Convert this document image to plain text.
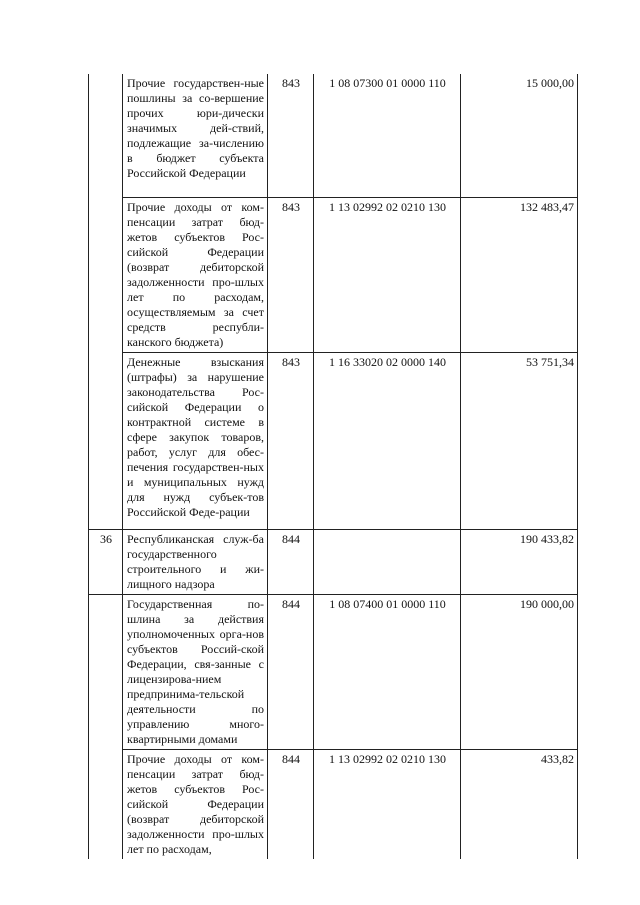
	Прочие государствен-ные пошлины за со-вершение прочих юри-дически значимых дей-ствий, подлежащие за-числению в бюджет субъекта Российской Федерации	843	1 08 07300 01 0000 110	15 000,00
	Прочие доходы от ком-пенсации затрат бюд-жетов субъектов Рос-сийской Федерации (возврат дебиторской задолженности про-шлых лет по расходам, осуществляемым за счет средств республи-канского бюджета)	843	1 13 02992 02 0210 130	132 483,47
	Денежные взыскания (штрафы) за нарушение законодательства Рос-сийской Федерации о контрактной системе в сфере закупок товаров, работ, услуг для обес-печения государствен-ных и муниципальных нужд для нужд субъек-тов Российской Феде-рации	843	1 16 33020 02 0000 140	53 751,34
36	Республиканская служ-ба государственного строительного и жи-лищного надзора	844		190 433,82
	Государственная по-шлина за действия уполномоченных орга-нов субъектов Россий-ской Федерации, свя-занные с лицензирова-нием предпринима-тельской деятельности по управлению много-квартирными домами	844	1 08 07400 01 0000 110	190 000,00
	Прочие доходы от ком-пенсации затрат бюд-жетов субъектов Рос-сийской Федерации (возврат дебиторской задолженности про-шлых лет по расходам,	844	1 13 02992 02 0210 130	433,82
